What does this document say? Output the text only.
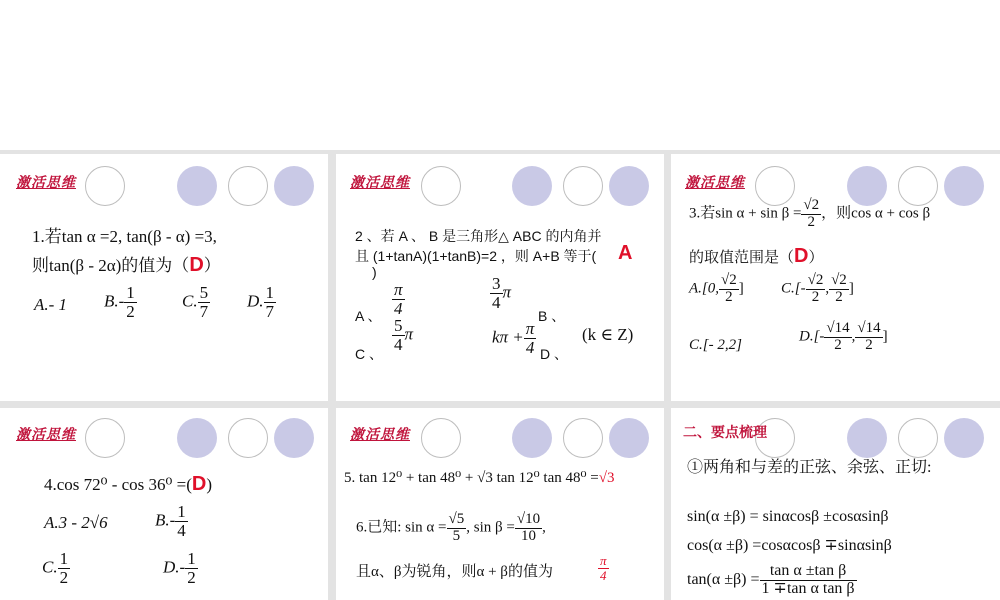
激活思维
1.若tan α =2, tan(β - α) =3,
则tan(β - 2α)的值为（D）
A.- 1 $B.- \frac{1}{2}$	C. $\frac{5}{7} D$. $\frac{1}{7}$
激活思维
2 、若 A 、 B 是三角形△ ABC 的内角并
且 (1+tanA)(1+tanB)=2 ，则 A+B 等于( A
)
A 、 $\frac{\pi}{4}$	$\frac{3}{4}$ π
B 、
C 、
$\frac{5}{4}$ π	$k\pi + \frac{\pi}{4}$ D 、
(k ∈ Z)
激活思维
3.若$\sin \alpha + \sin \beta = \frac{√2}{2}$ ，则cos α + cos β
的取值范围是（D）
A.[0, $\frac{√2}{2}$ ] $C.[- \frac{√2}{2}$ , $\frac{√2}{2}$ ]
C.[- 2,2]
$D.[- \frac{√14}{2}$ , $\frac{√14}{2}$ ]
激活思维
4.cos 72⁰ - cos 36⁰ =(D)
A.3 - 2√6	$B.- \frac{1}{4}$
C. $\frac{1}{2}$	$D.- \frac{1}{2}$
激活思维
5. tan 12⁰ + tan 48⁰ + √3 tan 12⁰ tan 48⁰ =√3
6.已知: $\sin \alpha = \frac{√5}{5}$ , $\sin \beta = \frac{√10}{10}$ ,
且α、β为锐角，则α + β的值为	$\frac{\pi}{4}$
二、要点梳理
①两角和与差的正弦、余弦、正切:
sin(α ±β) = sinαcosβ ±cosαsinβ
cos(α ±β) =cosαcosβ ∓sinαsinβ
$\tan(\alpha \pm\beta) = \frac{\text{tan α ±tan β}}{\text{1 ∓tan α tan β}}$
